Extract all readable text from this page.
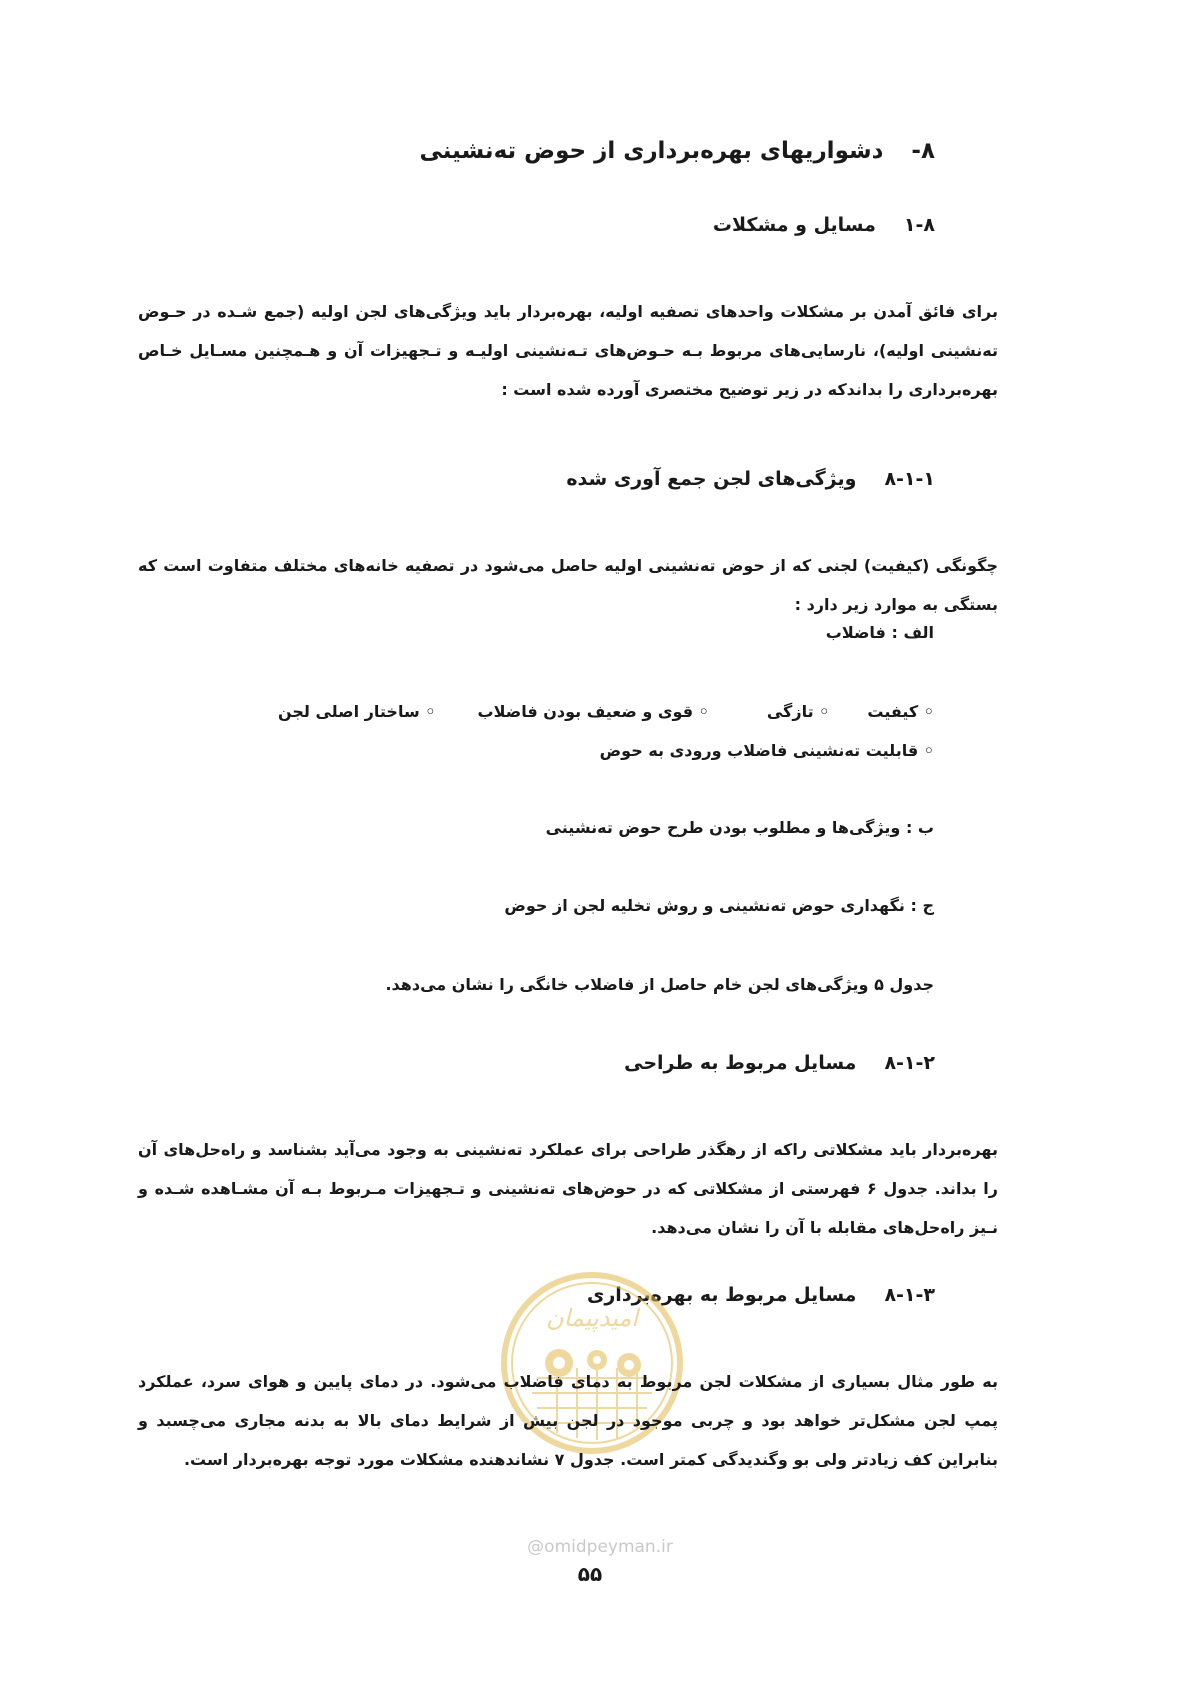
۸-دشواریهای بهره‌برداری از حوض ته‌نشینی
۱-۸مسایل و مشکلات
برای فائق آمدن بر مشکلات واحدهای تصفیه اولیه، بهره‌بردار باید ویژگی‌های لجن اولیه (جمع شـده در حـوض ته‌نشینی اولیه)، نارسایی‌های مربوط بـه حـوض‌های تـه‌نشینی اولیـه و تـجهیزات آن و هـمچنین مسـایل خـاص بهره‌برداری را بداندکه در زیر توضیح مختصری آورده شده است :
۸-۱-۱ویژگی‌های لجن جمع آوری شده
چگونگی (کیفیت) لجنی که از حوض ته‌نشینی اولیه حاصل می‌شود در تصفیه خانه‌های مختلف متفاوت است که بستگی به موارد زیر دارد :
الف : فاضلاب
◦ کیفیت
◦ تازگی
◦ قوی و ضعیف بودن فاضلاب
◦ ساختار اصلی لجن
◦ قابلیت ته‌نشینی فاضلاب ورودی به حوض
ب : ویژگی‌ها و مطلوب بودن طرح حوض ته‌نشینی
ج : نگهداری حوض ته‌نشینی و روش تخلیه لجن از حوض
جدول ۵ ویژگی‌های لجن خام حاصل از فاضلاب خانگی را نشان می‌دهد.
۸-۱-۲مسایل مربوط به طراحی
بهره‌بردار باید مشکلاتی راکه از رهگذر طراحی برای عملکرد ته‌نشینی به وجود می‌آید بشناسد و راه‌حل‌های آن را بداند. جدول ۶ فهرستی از مشکلاتی که در حوض‌های ته‌نشینی و تـجهیزات مـربوط بـه آن مشـاهده شـده و نـیز راه‌حل‌های مقابله با آن را نشان می‌دهد.
۸-۱-۳مسایل مربوط به بهره‌برداری
امیدپیمان
به طور مثال بسیاری از مشکلات لجن مربوط به دمای فاضلاب می‌شود. در دمای پایین و هوای سرد، عملکرد پمپ لجن مشکل‌تر خواهد بود و چربی موجود در لجن بیش از شرایط دمای بالا به بدنه مجاری می‌چسبد و بنابراین کف زیادتر ولی بو وگندیدگی کمتر است. جدول ۷ نشاندهنده مشکلات مورد توجه بهره‌بردار است.
@omidpeyman.ir
۵۵
